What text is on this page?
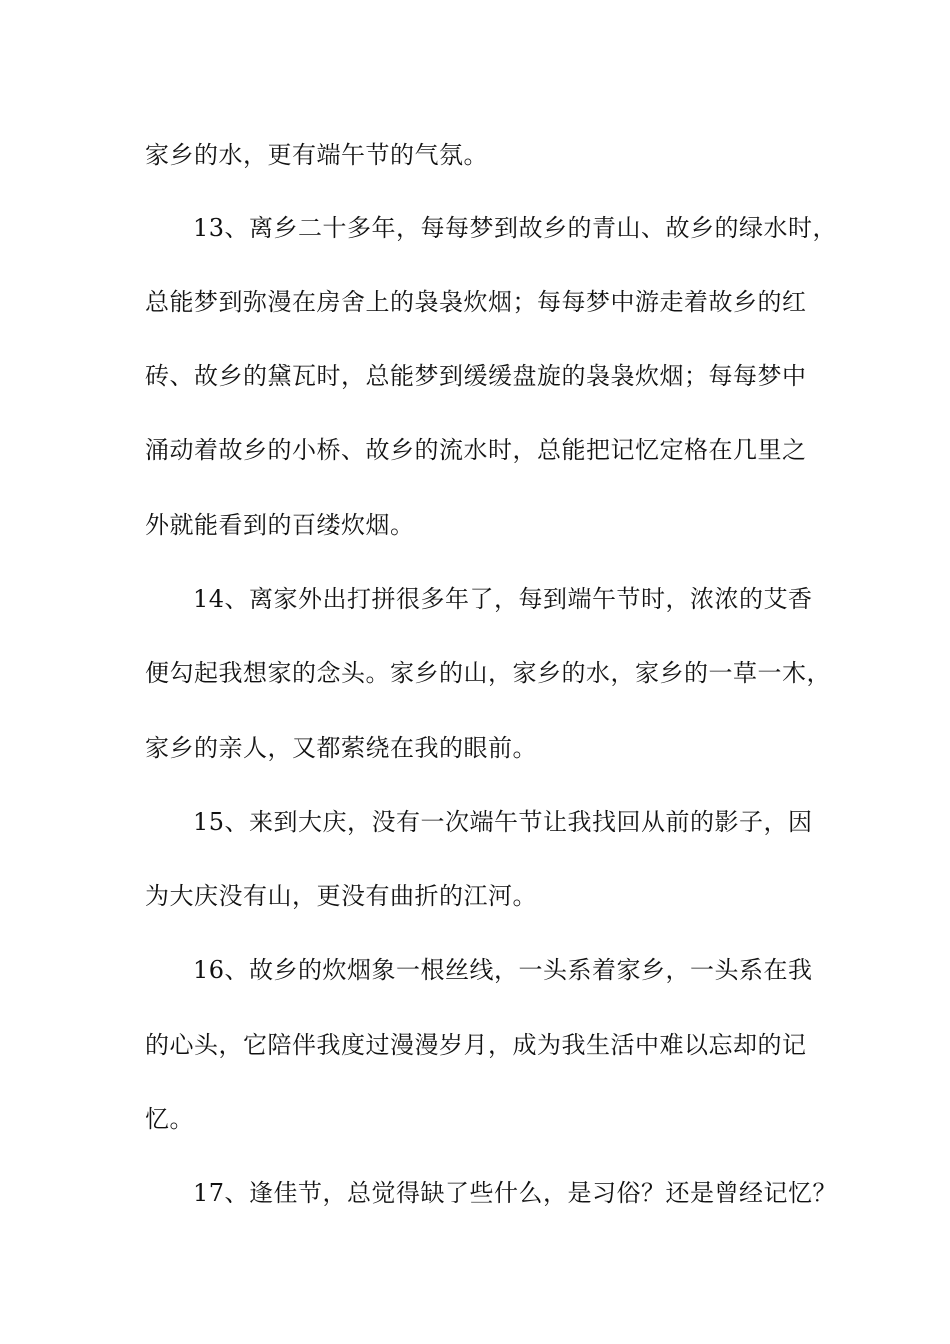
家乡的水，更有端午节的气氛。
13、离乡二十多年，每每梦到故乡的青山、故乡的绿水时，
总能梦到弥漫在房舍上的袅袅炊烟；每每梦中游走着故乡的红
砖、故乡的黛瓦时，总能梦到缓缓盘旋的袅袅炊烟；每每梦中
涌动着故乡的小桥、故乡的流水时，总能把记忆定格在几里之
外就能看到的百缕炊烟。
14、离家外出打拼很多年了，每到端午节时，浓浓的艾香
便勾起我想家的念头。家乡的山，家乡的水，家乡的一草一木，
家乡的亲人，又都萦绕在我的眼前。
15、来到大庆，没有一次端午节让我找回从前的影子，因
为大庆没有山，更没有曲折的江河。
16、故乡的炊烟象一根丝线，一头系着家乡，一头系在我
的心头，它陪伴我度过漫漫岁月，成为我生活中难以忘却的记
忆。
17、逢佳节，总觉得缺了些什么，是习俗？还是曾经记忆？
